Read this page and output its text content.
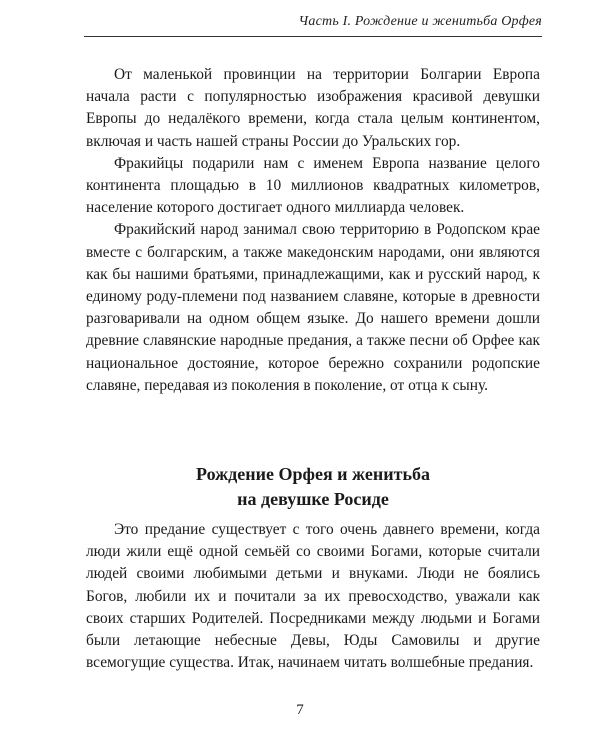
Часть I. Рождение и женитьба Орфея

От маленькой провинции на территории Болгарии Европа начала расти с популярностью изображения красивой девушки Европы до недалёкого времени, когда стала целым континентом, включая и часть нашей страны России до Уральских гор.

Фракийцы подарили нам с именем Европа название целого континента площадью в 10 миллионов квадратных километров, население которого достигает одного миллиарда человек.

Фракийский народ занимал свою территорию в Родопском крае вместе с болгарским, а также македонским народами, они являются как бы нашими братьями, принадлежащими, как и русский народ, к единому роду-племени под названием славяне, которые в древности разговаривали на одном общем языке. До нашего времени дошли древние славянские народные предания, а также песни об Орфее как национальное достояние, которое бережно сохранили родопские славяне, передавая из поколения в поколение, от отца к сыну.

Рождение Орфея и женитьба
на девушке Росиде

Это предание существует с того очень давнего времени, когда люди жили ещё одной семьёй со своими Богами, которые считали людей своими любимыми детьми и внуками. Люди не боялись Богов, любили их и почитали за их превосходство, уважали как своих старших Родителей. Посредниками между людьми и Богами были летающие небесные Девы, Юды Самовилы и другие всемогущие существа. Итак, начинаем читать волшебные предания.

7
